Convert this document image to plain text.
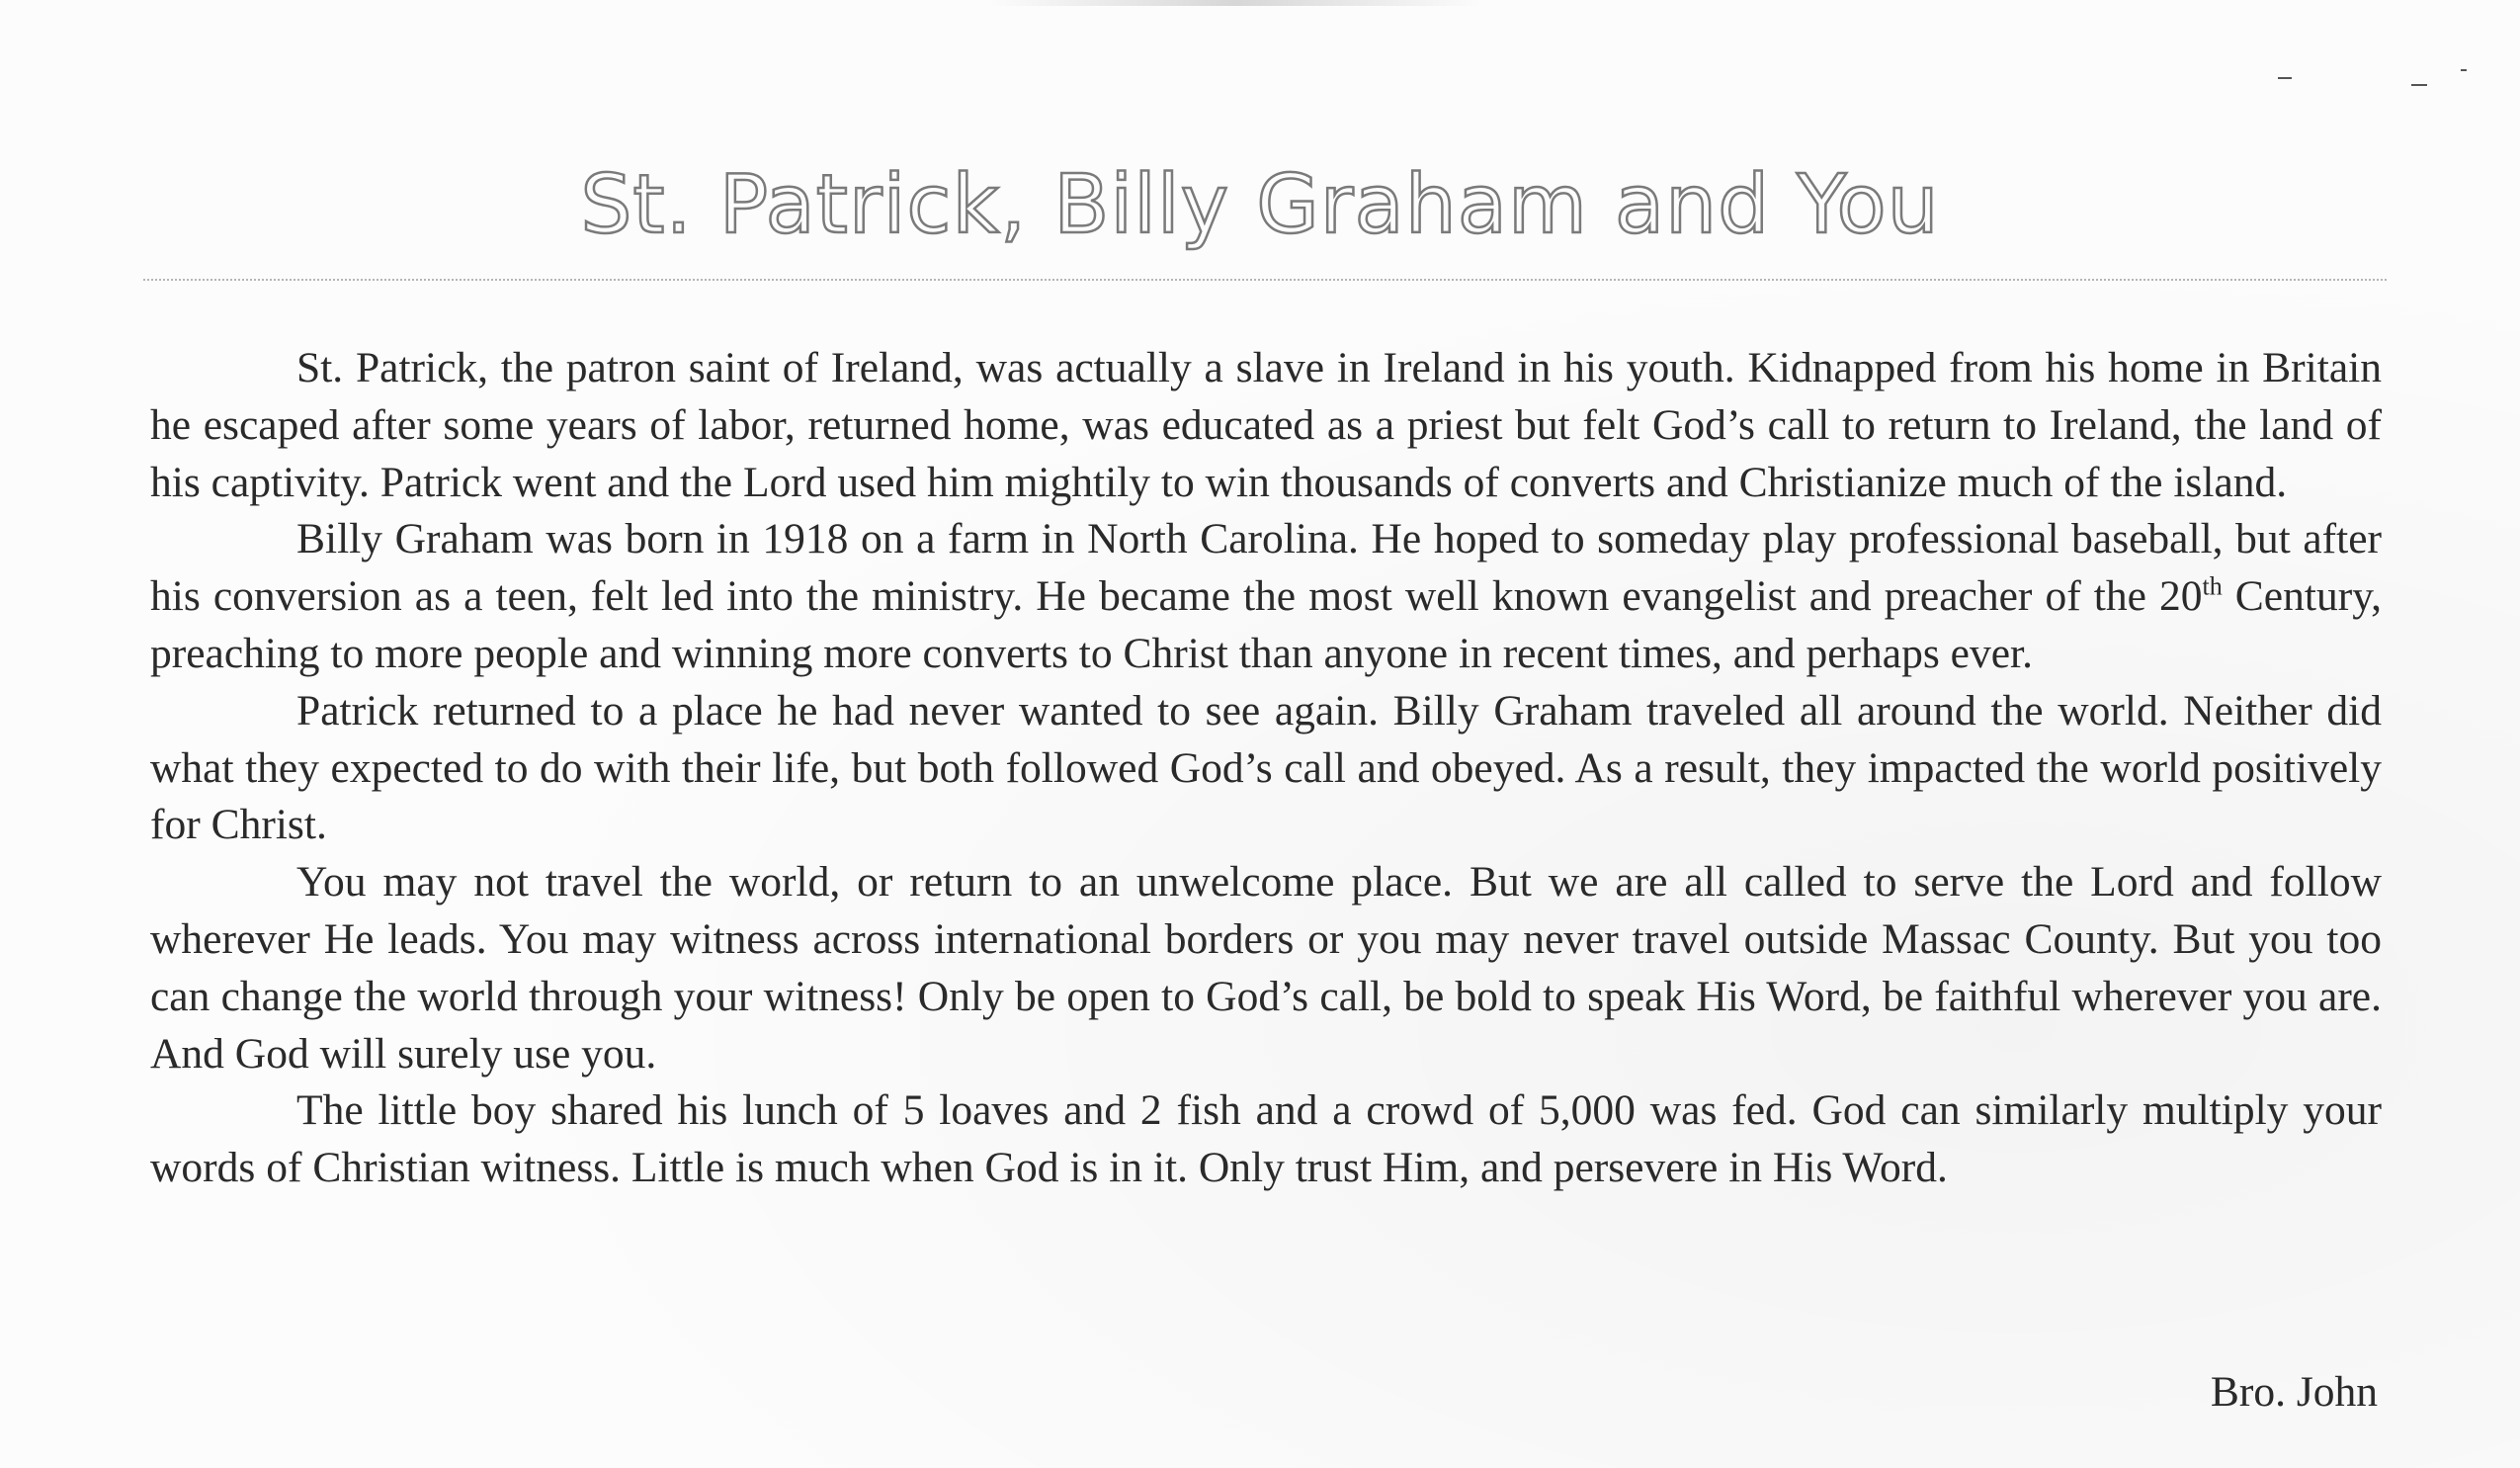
St. Patrick, Billy Graham and You

St. Patrick, the patron saint of Ireland, was actually a slave in Ireland in his youth. Kidnapped from his home in Britain he escaped after some years of labor, returned home, was educated as a priest but felt God’s call to return to Ireland, the land of his captivity. Patrick went and the Lord used him mightily to win thousands of converts and Christianize much of the island.

Billy Graham was born in 1918 on a farm in North Carolina. He hoped to someday play professional baseball, but after his conversion as a teen, felt led into the ministry. He became the most well known evangelist and preacher of the 20th Century, preaching to more people and winning more converts to Christ than anyone in recent times, and perhaps ever.

Patrick returned to a place he had never wanted to see again. Billy Graham traveled all around the world. Neither did what they expected to do with their life, but both followed God’s call and obeyed. As a result, they impacted the world positively for Christ.

You may not travel the world, or return to an unwelcome place. But we are all called to serve the Lord and follow wherever He leads. You may witness across international borders or you may never travel outside Massac County. But you too can change the world through your witness! Only be open to God’s call, be bold to speak His Word, be faithful wherever you are. And God will surely use you.

The little boy shared his lunch of 5 loaves and 2 fish and a crowd of 5,000 was fed. God can similarly multiply your words of Christian witness. Little is much when God is in it. Only trust Him, and persevere in His Word.

Bro. John
